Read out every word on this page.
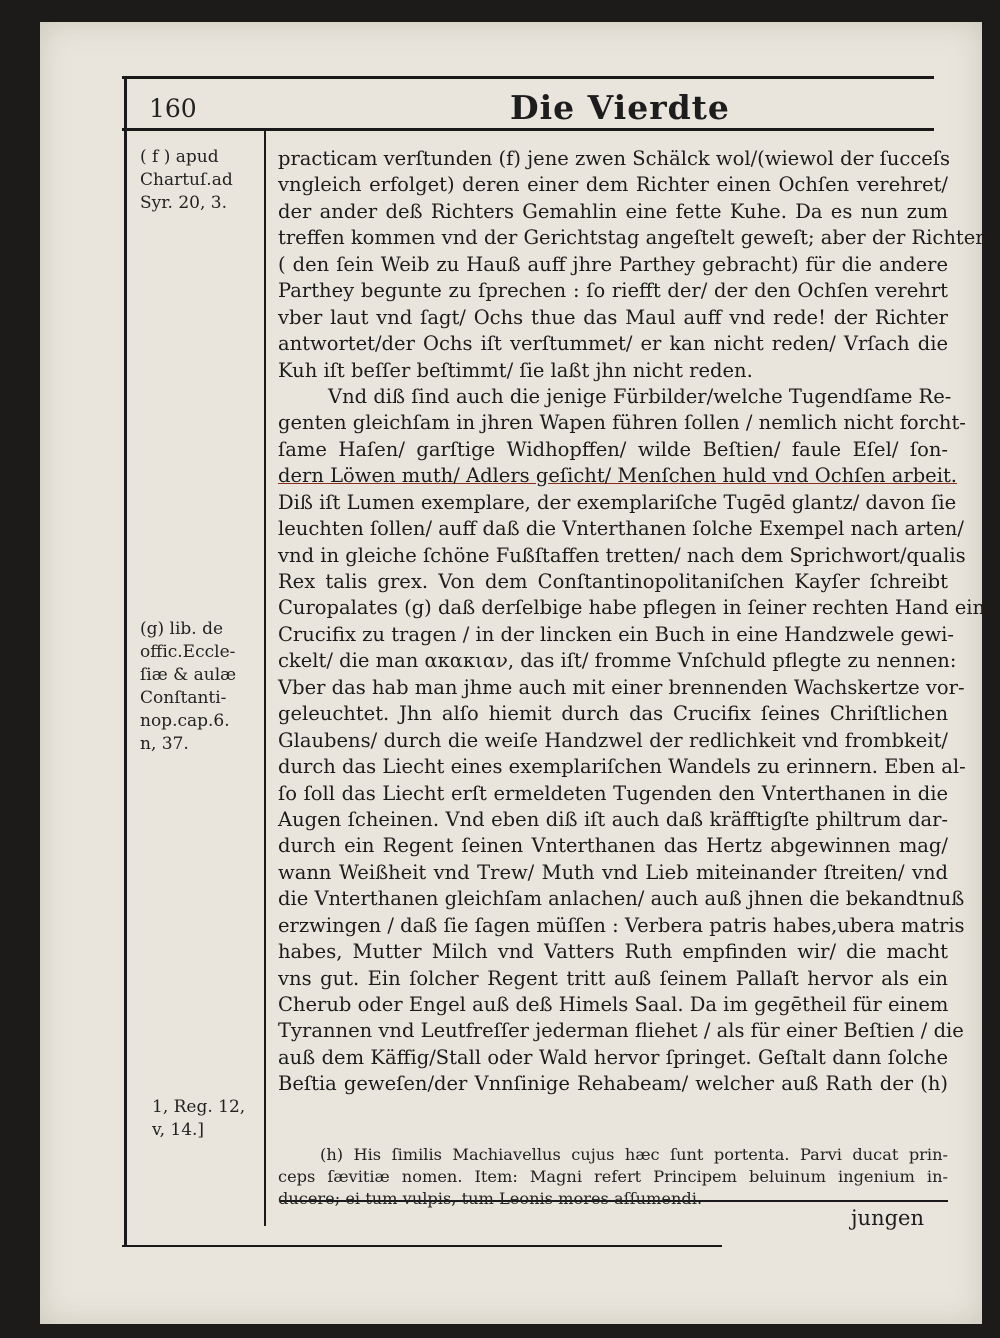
160	Die Vierdte
( f ) apud
Chartuſ.ad
Syr. 20, 3.
(g) lib. de
offic.Eccle-
ſiæ & aulæ
Conſtanti-
nop.cap.6.
n, 37.
1, Reg. 12,
v, 14.]
practicam verſtunden (f) jene zwen Schälck wol/(wiewol der ſucceſs
vngleich erfolget) deren einer dem Richter einen Ochſen verehret/
der ander deß Richters Gemahlin eine fette Kuhe. Da es nun zum
treffen kommen vnd der Gerichtstag angeſtelt geweſt; aber der Richter
( den ſein Weib zu Hauß auff jhre Parthey gebracht) für die andere
Parthey begunte zu ſprechen : ſo riefft der/ der den Ochſen verehrt
vber laut vnd ſagt/ Ochs thue das Maul auff vnd rede! der Richter
antwortet/der Ochs iſt verſtummet/ er kan nicht reden/ Vrſach die
Kuh iſt beſſer beſtimmt/ ſie laßt jhn nicht reden.
Vnd diß ſind auch die jenige Fürbilder/welche Tugendſame Re-
genten gleichſam in jhren Wapen führen ſollen / nemlich nicht forcht-
ſame Haſen/ garſtige Widhopffen/ wilde Beſtien/ faule Eſel/ ſon-
dern Löwen muth/ Adlers geſicht/ Menſchen huld vnd Ochſen arbeit.
Diß iſt Lumen exemplare, der exemplariſche Tugēd glantz/ davon ſie
leuchten ſollen/ auff daß die Vnterthanen ſolche Exempel nach arten/
vnd in gleiche ſchöne Fußſtaffen tretten/ nach dem Sprichwort/qualis
Rex talis grex. Von dem Conſtantinopolitaniſchen Kayſer ſchreibt
Curopalates (g) daß derſelbige habe pflegen in ſeiner rechten Hand ein
Crucifix zu tragen / in der lincken ein Buch in eine Handzwele gewi-
ckelt/ die man ακακιαν, das iſt/ fromme Vnſchuld pflegte zu nennen:
Vber das hab man jhme auch mit einer brennenden Wachskertze vor-
geleuchtet. Jhn alſo hiemit durch das Crucifix ſeines Chriſtlichen
Glaubens/ durch die weiſe Handzwel der redlichkeit vnd frombkeit/
durch das Liecht eines exemplariſchen Wandels zu erinnern. Eben al-
ſo ſoll das Liecht erſt ermeldeten Tugenden den Vnterthanen in die
Augen ſcheinen. Vnd eben diß iſt auch daß kräfftigſte philtrum dar-
durch ein Regent ſeinen Vnterthanen das Hertz abgewinnen mag/
wann Weißheit vnd Trew/ Muth vnd Lieb miteinander ſtreiten/ vnd
die Vnterthanen gleichſam anlachen/ auch auß jhnen die bekandtnuß
erzwingen / daß ſie ſagen müſſen : Verbera patris habes,ubera matris
habes, Mutter Milch vnd Vatters Ruth empfinden wir/ die macht
vns gut. Ein ſolcher Regent tritt auß ſeinem Pallaſt hervor als ein
Cherub oder Engel auß deß Himels Saal. Da im gegētheil für einem
Tyrannen vnd Leutfreſſer jederman fliehet / als für einer Beſtien / die
auß dem Käffig/Stall oder Wald hervor ſpringet. Geſtalt dann ſolche
Beſtia geweſen/der Vnnſinige Rehabeam/ welcher auß Rath der (h)
(h) His ſimilis Machiavellus cujus hæc ſunt portenta. Parvi ducat prin-
ceps ſævitiæ nomen. Item: Magni refert Principem beluinum ingenium in-
ducere; ei tum vulpis, tum Leonis mores aſſumendi.
jungen
